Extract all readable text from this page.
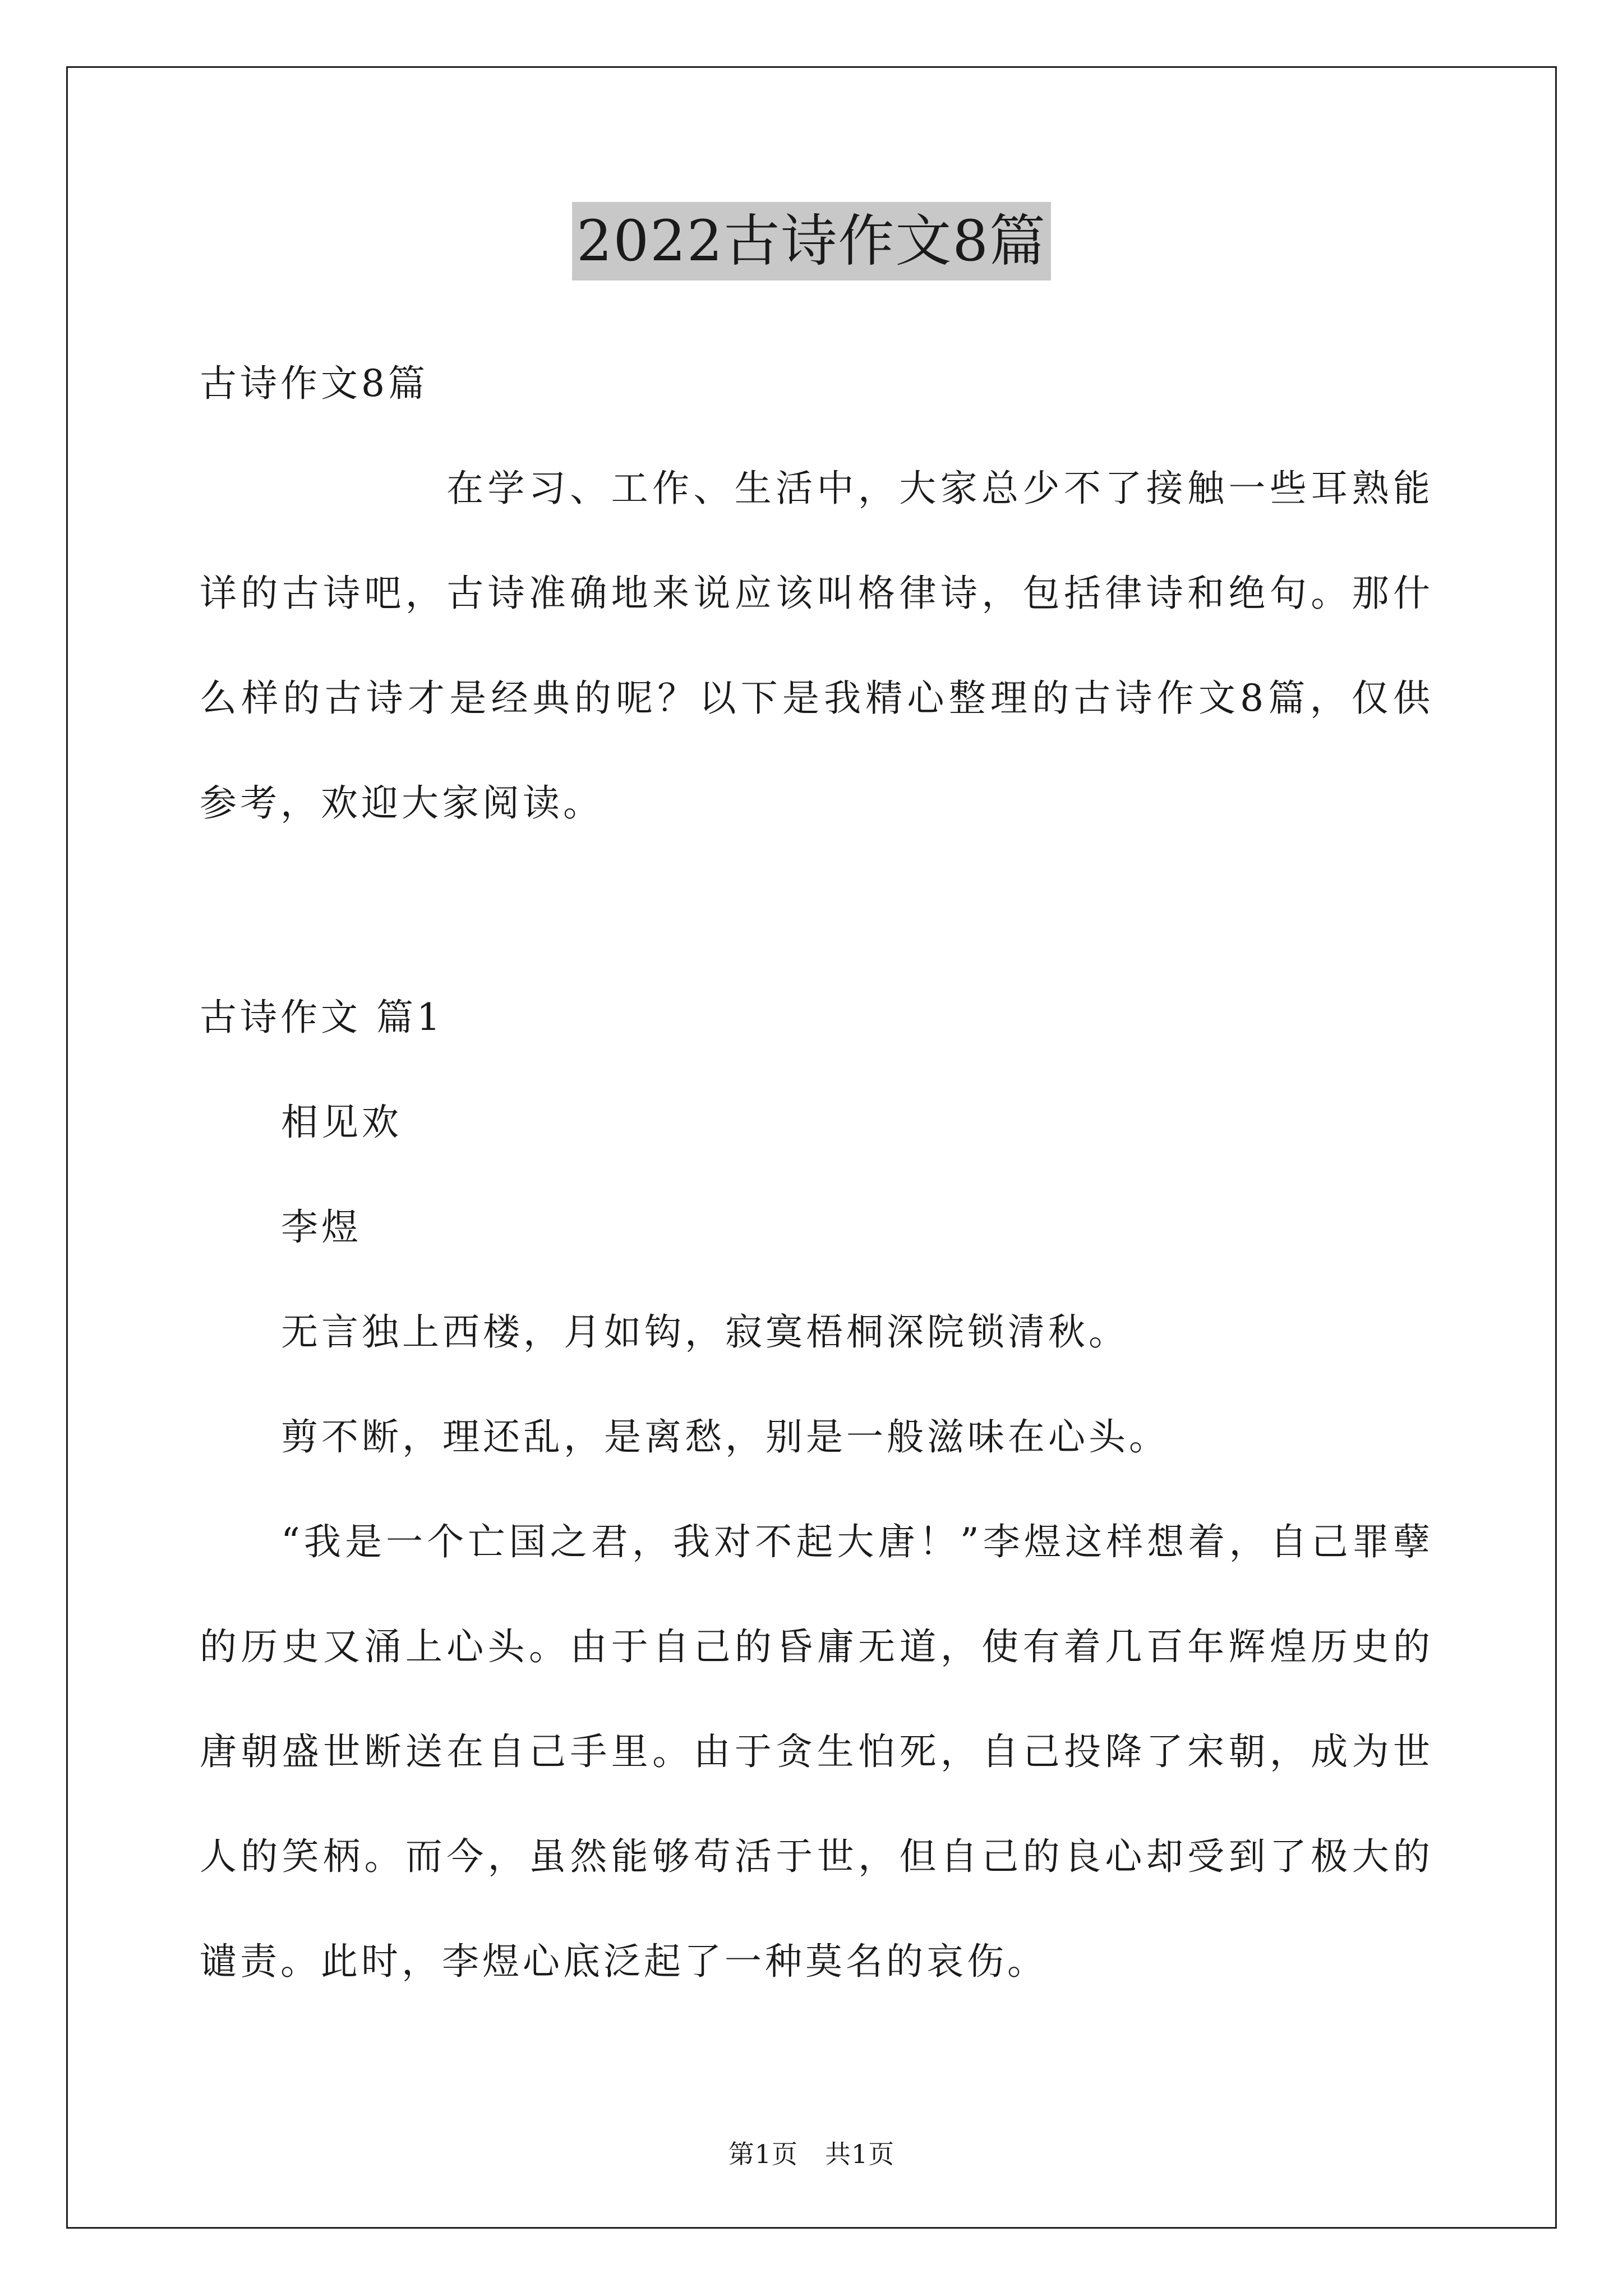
2022古诗作文8篇

古诗作文8篇

在学习、工作、生活中，大家总少不了接触一些耳熟能详的古诗吧，古诗准确地来说应该叫格律诗，包括律诗和绝句。那什么样的古诗才是经典的呢？以下是我精心整理的古诗作文8篇，仅供参考，欢迎大家阅读。

古诗作文 篇1

相见欢

李煜

无言独上西楼，月如钩，寂寞梧桐深院锁清秋。

剪不断，理还乱，是离愁，别是一般滋味在心头。

“我是一个亡国之君，我对不起大唐！”李煜这样想着，自己罪孽的历史又涌上心头。由于自己的昏庸无道，使有着几百年辉煌历史的唐朝盛世断送在自己手里。由于贪生怕死，自己投降了宋朝，成为世人的笑柄。而今，虽然能够苟活于世，但自己的良心却受到了极大的谴责。此时，李煜心底泛起了一种莫名的哀伤。

第1页 共1页
